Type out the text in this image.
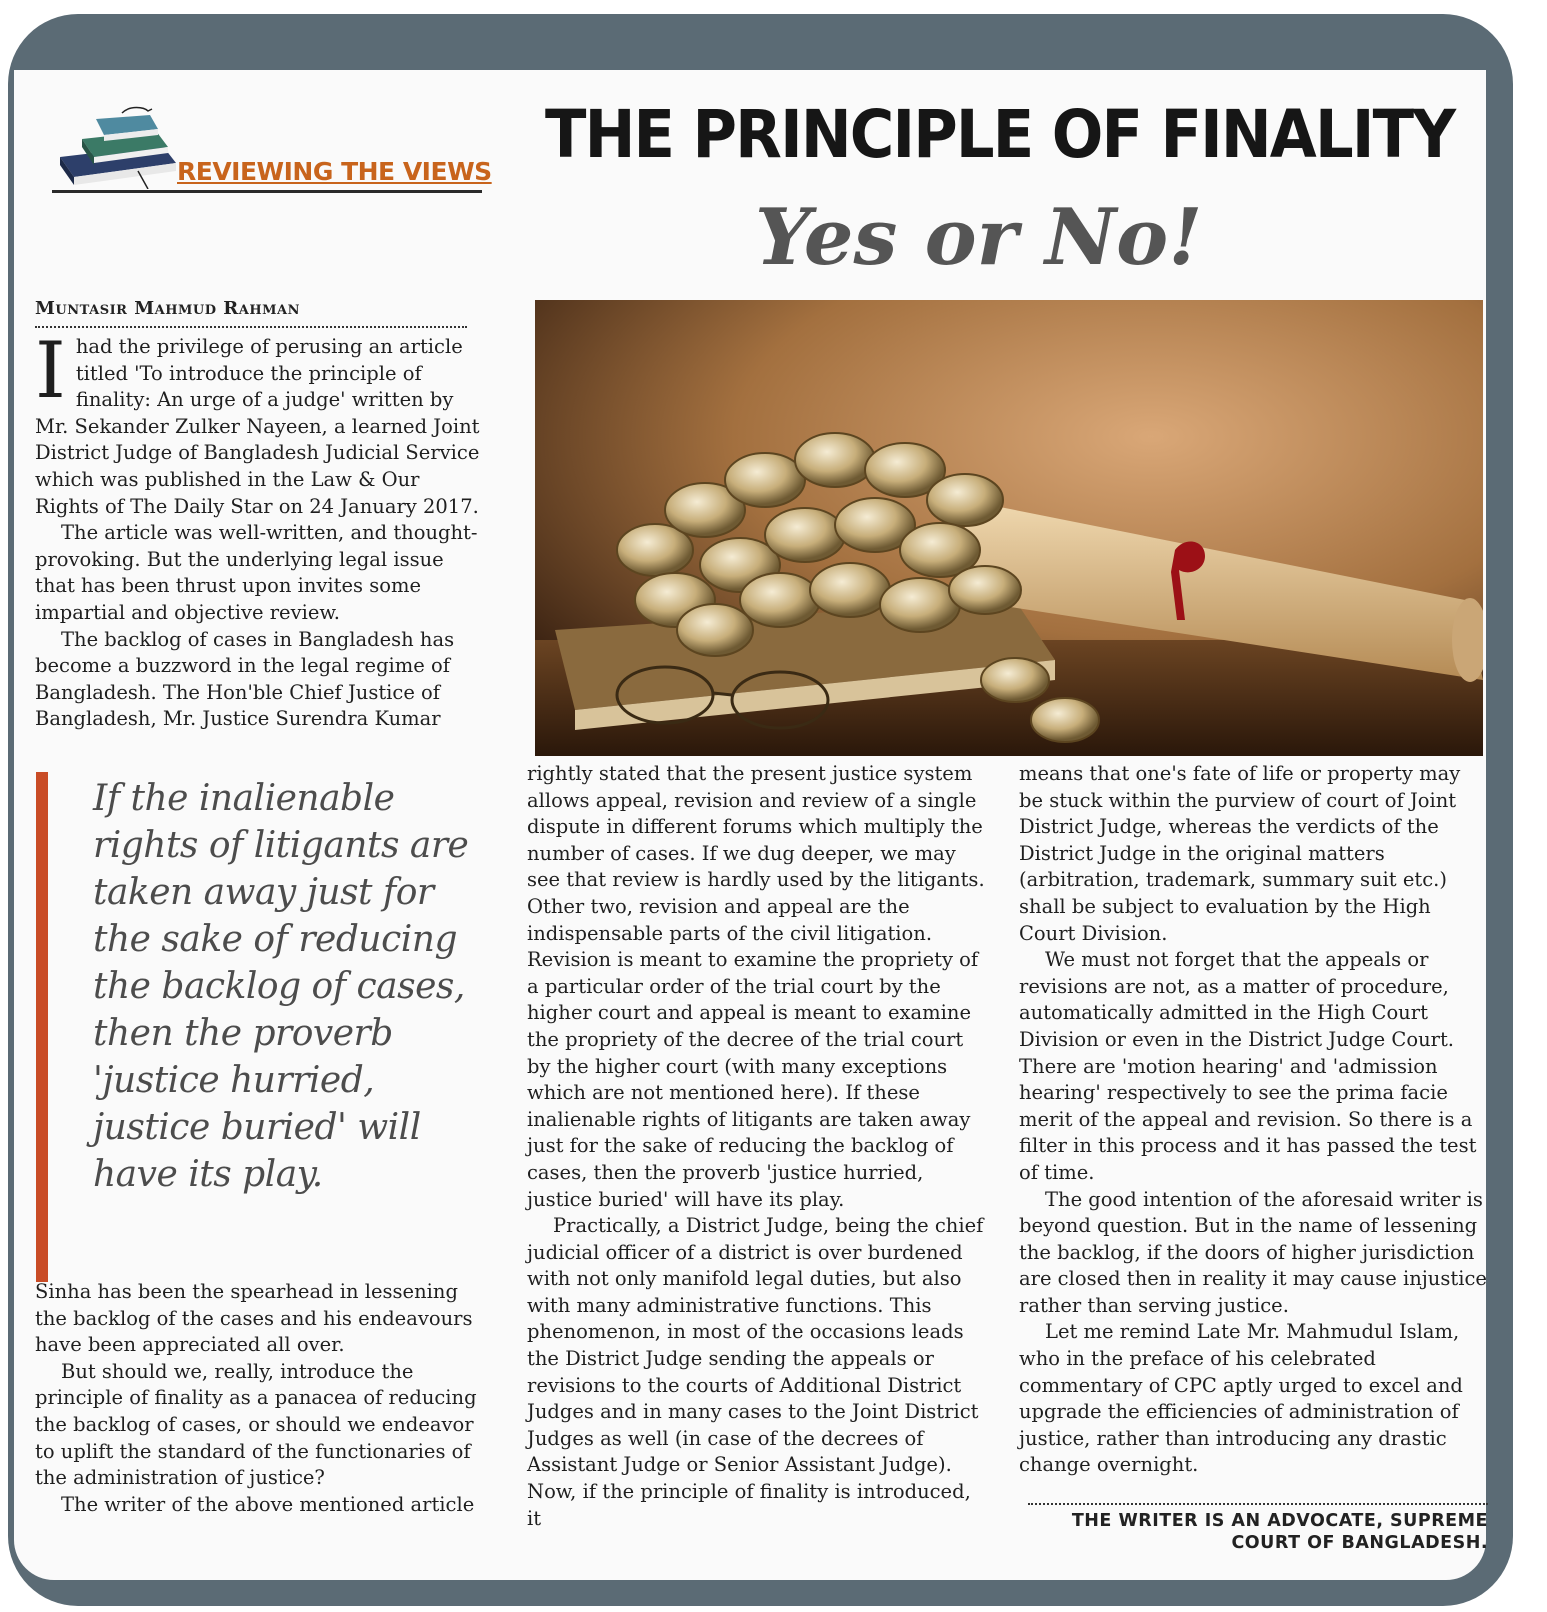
REVIEWING THE VIEWS THE PRINCIPLE OF FINALITY
Yes or No!
Muntasir Mahmud Rahman

Ihad the privilege of perusing an article titled 'To introduce the principle of finality: An urge of a judge' written by Mr. Sekander Zulker Nayeen, a learned Joint District Judge of Bangladesh Judicial Service which was published in the Law & Our Rights of The Daily Star on 24 January 2017.

The article was well-written, and thought-provoking. But the underlying legal issue that has been thrust upon invites some impartial and objective review.

The backlog of cases in Bangladesh has become a buzzword in the legal regime of Bangladesh. The Hon'ble Chief Justice of Bangladesh, Mr. Justice Surendra Kumar

If the inalienable rights of litigants are taken away just for the sake of reducing the backlog of cases, then the proverb 'justice hurried, justice buried' will have its play.

Sinha has been the spearhead in lessening the backlog of the cases and his endeavours have been appreciated all over.

But should we, really, introduce the principle of finality as a panacea of reducing the backlog of cases, or should we endeavor to uplift the standard of the functionaries of the administration of justice?

The writer of the above mentioned article

rightly stated that the present justice system allows appeal, revision and review of a single dispute in different forums which multiply the number of cases. If we dug deeper, we may see that review is hardly used by the litigants. Other two, revision and appeal are the indispensable parts of the civil litigation. Revision is meant to examine the propriety of a particular order of the trial court by the higher court and appeal is meant to examine the propriety of the decree of the trial court by the higher court (with many exceptions which are not mentioned here). If these inalienable rights of litigants are taken away just for the sake of reducing the backlog of cases, then the proverb 'justice hurried, justice buried' will have its play.

Practically, a District Judge, being the chief judicial officer of a district is over burdened with not only manifold legal duties, but also with many administrative functions. This phenomenon, in most of the occasions leads the District Judge sending the appeals or revisions to the courts of Additional District Judges and in many cases to the Joint District Judges as well (in case of the decrees of Assistant Judge or Senior Assistant Judge). Now, if the principle of finality is introduced, it

means that one's fate of life or property may be stuck within the purview of court of Joint District Judge, whereas the verdicts of the District Judge in the original matters (arbitration, trademark, summary suit etc.) shall be subject to evaluation by the High Court Division.

We must not forget that the appeals or revisions are not, as a matter of procedure, automatically admitted in the High Court Division or even in the District Judge Court. There are 'motion hearing' and 'admission hearing' respectively to see the prima facie merit of the appeal and revision. So there is a filter in this process and it has passed the test of time.

The good intention of the aforesaid writer is beyond question. But in the name of lessening the backlog, if the doors of higher jurisdiction are closed then in reality it may cause injustice rather than serving justice.

Let me remind Late Mr. Mahmudul Islam, who in the preface of his celebrated commentary of CPC aptly urged to excel and upgrade the efficiencies of administration of justice, rather than introducing any drastic change overnight.

THE WRITER IS AN ADVOCATE, SUPREME COURT OF BANGLADESH.
